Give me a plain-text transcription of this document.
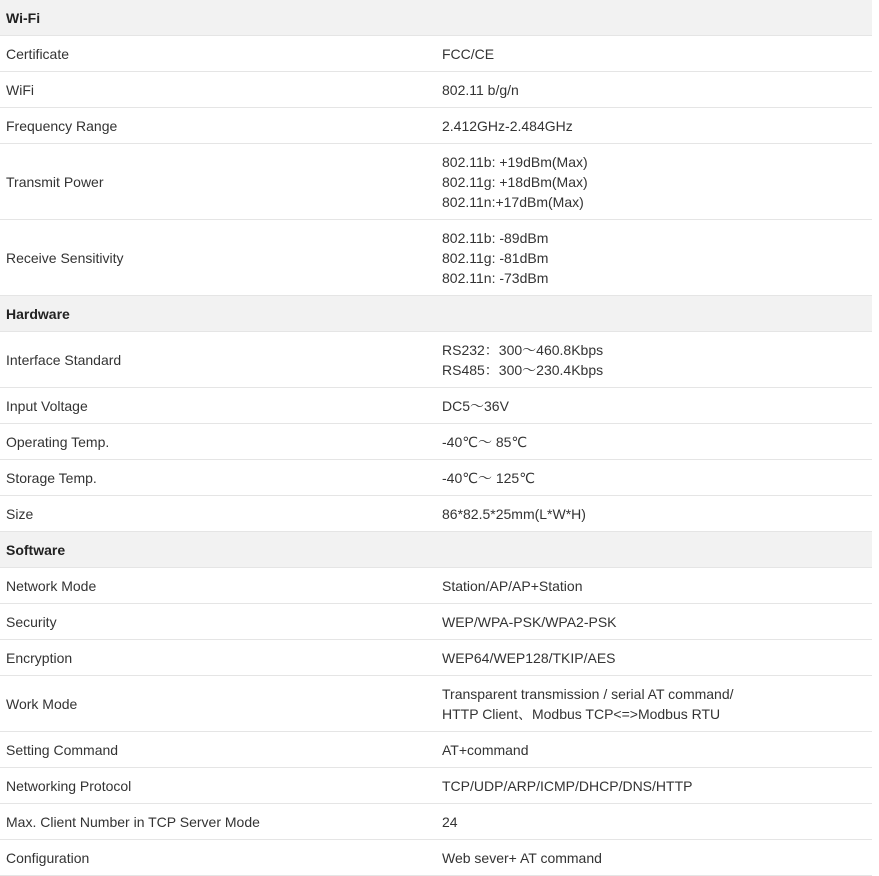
Wi-Fi	
Certificate	FCC/CE

WiFi	802.11 b/g/n

Frequency Range	2.412GHz-2.484GHz

Transmit Power	802.11b: +19dBm(Max)
802.11g: +18dBm(Max)
802.11n:+17dBm(Max)

Receive Sensitivity	802.11b: -89dBm
802.11g: -81dBm
802.11n: -73dBm

Hardware	
Interface Standard	RS232：300～460.8Kbps
RS485：300～230.4Kbps

Input Voltage	DC5～36V

Operating Temp.	-40℃～ 85℃

Storage Temp.	-40℃～ 125℃

Size	86*82.5*25mm(L*W*H)

Software	
Network Mode	Station/AP/AP+Station

Security	WEP/WPA-PSK/WPA2-PSK

Encryption	WEP64/WEP128/TKIP/AES

Work Mode	Transparent transmission / serial AT command/
HTTP Client、Modbus TCP<=>Modbus RTU

Setting Command	AT+command

Networking Protocol	TCP/UDP/ARP/ICMP/DHCP/DNS/HTTP

Max. Client Number in TCP Server Mode	24

Configuration	Web sever+ AT command
